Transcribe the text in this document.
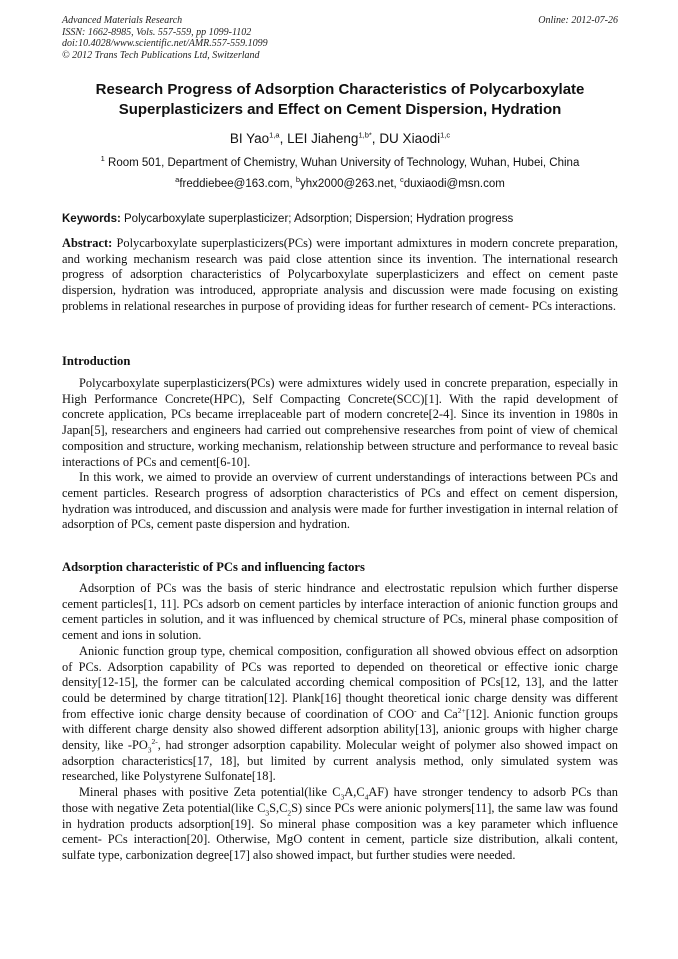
Advanced Materials Research
ISSN: 1662-8985, Vols. 557-559, pp 1099-1102
doi:10.4028/www.scientific.net/AMR.557-559.1099
© 2012 Trans Tech Publications Ltd, Switzerland
Online: 2012-07-26
Research Progress of Adsorption Characteristics of Polycarboxylate
Superplasticizers and Effect on Cement Dispersion, Hydration
BI Yao$^{1,a}$, LEI Jiaheng$^{1,b*}$, DU Xiaodi$^{1,c}$
$^1$ Room 501, Department of Chemistry, Wuhan University of Technology, Wuhan, Hubei, China
$^a$freddiebee@163.com, $^b$yhx2000@263.net, $^c$duxiaodi@msn.com
Keywords: Polycarboxylate superplasticizer; Adsorption; Dispersion; Hydration progress

Abstract: Polycarboxylate superplasticizers(PCs) were important admixtures in modern concrete preparation, and working mechanism research was paid close attention since its invention. The international research progress of adsorption characteristics of Polycarboxylate superplasticizers and effect on cement paste dispersion, hydration was introduced, appropriate analysis and discussion were made focusing on existing problems in relational researches in purpose of providing ideas for further research of cement- PCs interactions.

Introduction

Polycarboxylate superplasticizers(PCs) were admixtures widely used in concrete preparation, especially in High Performance Concrete(HPC), Self Compacting Concrete(SCC)[1]. With the rapid development of concrete application, PCs became irreplaceable part of modern concrete[2-4]. Since its invention in 1980s in Japan[5], researchers and engineers had carried out comprehensive researches from point of view of chemical composition and structure, working mechanism, relationship between structure and performance to reveal basic interactions of PCs and cement[6-10].

In this work, we aimed to provide an overview of current understandings of interactions between PCs and cement particles. Research progress of adsorption characteristics of PCs and effect on cement dispersion, hydration was introduced, and discussion and analysis were made for further investigation in internal relation of adsorption of PCs, cement paste dispersion and hydration.

Adsorption characteristic of PCs and influencing factors

Adsorption of PCs was the basis of steric hindrance and electrostatic repulsion which further disperse cement particles[1, 11]. PCs adsorb on cement particles by interface interaction of anionic function groups and cement particles in solution, and it was influenced by chemical structure of PCs, mineral phase composition of cement and ions in solution.

Anionic function group type, chemical composition, configuration all showed obvious effect on adsorption of PCs. Adsorption capability of PCs was reported to depended on theoretical or effective ionic charge density[12-15], the former can be calculated according chemical composition of PCs[12, 13], and the latter could be determined by charge titration[12]. Plank[16] thought theoretical ionic charge density was different from effective ionic charge density because of coordination of COO- and $Ca^{2+}[12]$. Anionic function groups with different charge density also showed different adsorption ability[13], anionic groups with higher charge density, like $-PO_3^{2-}$, had stronger adsorption capability. Molecular weight of polymer also showed impact on adsorption characteristics[17, 18], but limited by current analysis method, only simulated system was researched, like Polystyrene Sulfonate[18].

Mineral phases with positive Zeta potential(like $C_3A,C_4AF$) have stronger tendency to adsorb PCs than those with negative Zeta potential(like $C_3S,C_2S$) since PCs were anionic polymers[11], the same law was found in hydration products adsorption[19]. So mineral phase composition was a key parameter which influence cement- PCs interaction[20]. Otherwise, MgO content in cement, particle size distribution, alkali content, sulfate type, carbonization degree[17] also showed impact, but further studies were needed.
